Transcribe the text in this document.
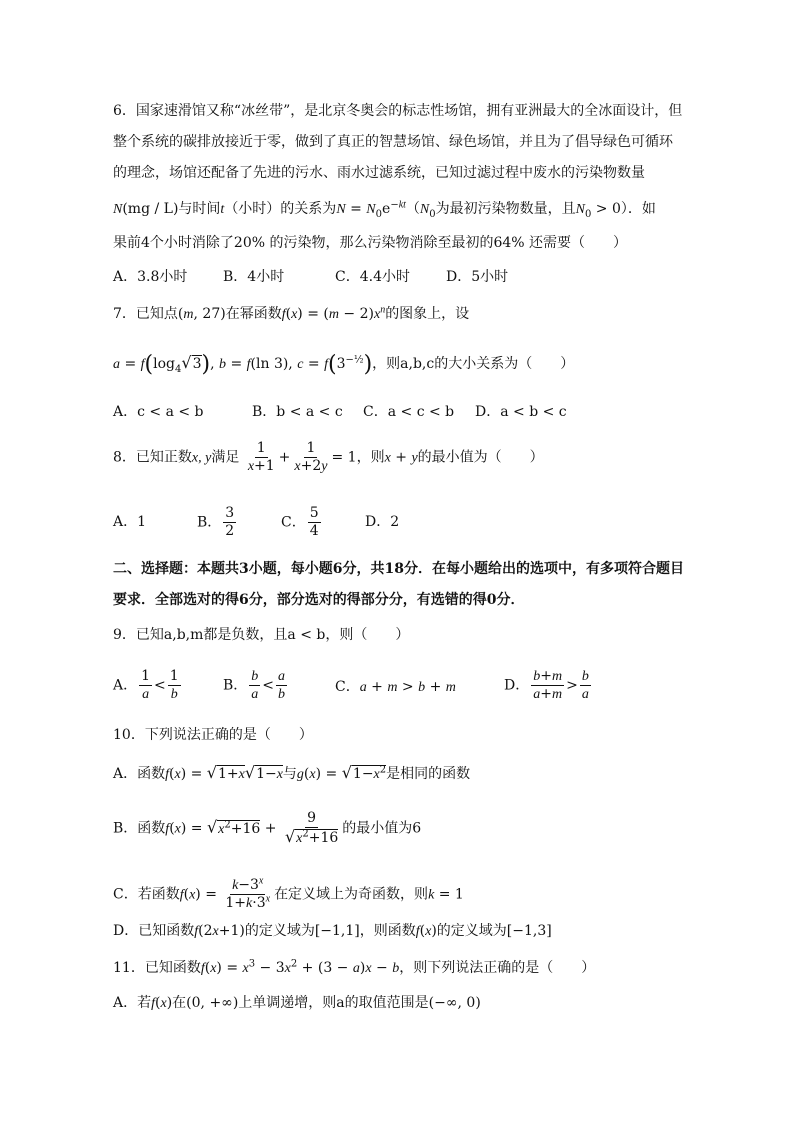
6．国家速滑馆又称“冰丝带”，是北京冬奥会的标志性场馆，拥有亚洲最大的全冰面设计，但
整个系统的碳排放接近于零，做到了真正的智慧场馆、绿色场馆，并且为了倡导绿色可循环
的理念，场馆还配备了先进的污水、雨水过滤系统，已知过滤过程中废水的污染物数量
N(mg / L)与时间t（小时）的关系为$N = N_0e^{-kt}(N_0$为最初污染物数量，且$N_0 > 0$）．如
果前4个小时消除了20% 的污染物，那么污染物消除至最初的64% 还需要（　　）
A．3.8小时	B．4小时	C．4.4小时	D．5小时
7．已知点(m, 27)在幂函数$f(x) = (m - 2)x^n$的图象上，设
$a = f(\log_4√3)$, b = f(ln 3), $c = f(3^{-\frac{1}{2}})$，则a,b,c的大小关系为（　　）
A．c < a < b	B．b < a < c C．a < c < b D．a < b < c
8．已知正数x, y满足 $\frac{1}{x+1} + \frac{1}{x+2y} = 1$，则x + y的最小值为（　　）
A．1	B． $\frac{3}{2}$	C． $\frac{5}{4}$	D．2
二、选择题：本题共3小题，每小题6分，共18分．在每小题给出的选项中，有多项符合题目
要求．全部选对的得6分，部分选对的得部分分，有选错的得0分．
9．已知a,b,m都是负数，且a < b，则（　　）
A． $\frac{1}{a} < \frac{1}{b}$	B． $\frac{b}{a} < \frac{a}{b}$	C．a + m > b + m	D． $\frac{b+m}{a+m} > \frac{b}{a}$
10．下列说法正确的是（　　）
A．函数f(x) = √1+x√1−x与$g(x) = √1-x^2$是相同的函数
B．函数$f(x) = √x^2+16 + \frac{9}{√x^2+16}$ 的最小值为6
C．若函数$f(x) = \frac{k-3^x}{1+k\cdot 3^x}$ 在定义域上为奇函数，则k = 1
D．已知函数f(2x+1)的定义域为[−1,1]，则函数f(x)的定义域为[−1,3]
11．已知函数$f(x) = x^3 - 3x^2 + (3 - a)x - b$，则下列说法正确的是（　　）
A．若f(x)在(0, +∞)上单调递增，则a的取值范围是(−∞, 0)
